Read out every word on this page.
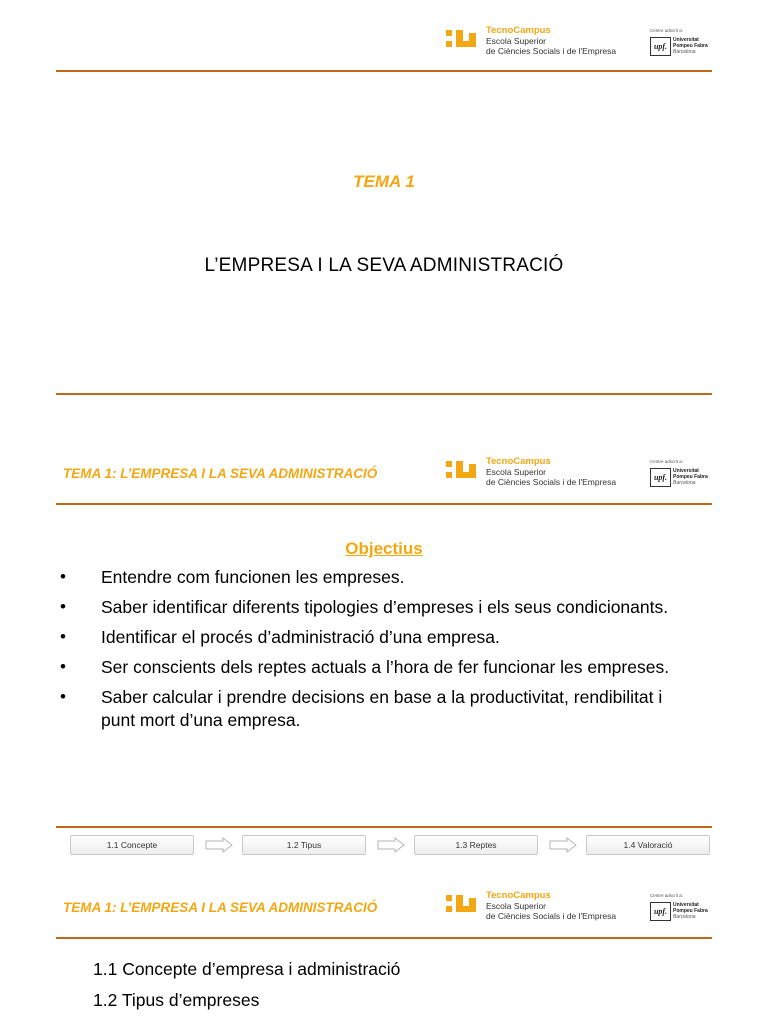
TecnoCampus
Escola Superior
de Ciències Socials i de l'Empresa
Centre adscrit a:
upf.
Universitat
Pompeu Fabra
Barcelona
TEMA 1
L’EMPRESA I LA SEVA ADMINISTRACIÓ
TEMA 1: L’EMPRESA I LA SEVA ADMINISTRACIÓ
TecnoCampus
Escola Superior
de Ciències Socials i de l'Empresa
Centre adscrit a:
upf.
Universitat
Pompeu Fabra
Barcelona
Objectius
• Entendre com funcionen les empreses.
• Saber identificar diferents tipologies d’empreses i els seus condicionants.
• Identificar el procés d’administració d’una empresa.
• Ser conscients dels reptes actuals a l’hora de fer funcionar les empreses.
• Saber calcular i prendre decisions en base a la productivitat, rendibilitat i punt mort d’una empresa.
1.1 Concepte	1.2 Tipus	1.3 Reptes	1.4 Valoració
TEMA 1: L’EMPRESA I LA SEVA ADMINISTRACIÓ
TecnoCampus
Escola Superior
de Ciències Socials i de l'Empresa
Centre adscrit a:
upf.
Universitat
Pompeu Fabra
Barcelona
1.1 Concepte d’empresa i administració
1.2 Tipus d’empreses
